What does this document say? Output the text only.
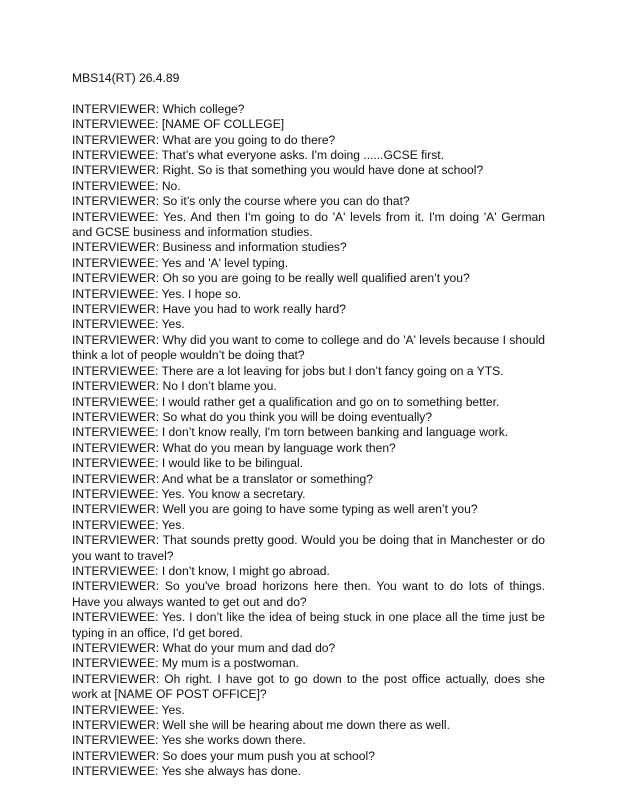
MBS14(RT) 26.4.89

INTERVIEWER: Which college?

INTERVIEWEE: [NAME OF COLLEGE]

INTERVIEWER: What are you going to do there?

INTERVIEWEE: That’s what everyone asks. I'm doing ......GCSE first.

INTERVIEWER: Right. So is that something you would have done at school?

INTERVIEWEE: No.

INTERVIEWER: So it’s only the course where you can do that?

INTERVIEWEE: Yes. And then I'm going to do 'A' levels from it. I'm doing 'A' German and GCSE business and information studies.

INTERVIEWER: Business and information studies?

INTERVIEWEE: Yes and 'A' level typing.

INTERVIEWER: Oh so you are going to be really well qualified aren’t you?

INTERVIEWEE: Yes. I hope so.

INTERVIEWER: Have you had to work really hard?

INTERVIEWEE: Yes.

INTERVIEWER: Why did you want to come to college and do 'A' levels because I should think a lot of people wouldn’t be doing that?

INTERVIEWEE: There are a lot leaving for jobs but I don’t fancy going on a YTS.

INTERVIEWER: No I don’t blame you.

INTERVIEWEE: I would rather get a qualification and go on to something better.

INTERVIEWER: So what do you think you will be doing eventually?

INTERVIEWEE: I don’t know really, I'm torn between banking and language work.

INTERVIEWER: What do you mean by language work then?

INTERVIEWEE: I would like to be bilingual.

INTERVIEWER: And what be a translator or something?

INTERVIEWEE: Yes. You know a secretary.

INTERVIEWER: Well you are going to have some typing as well aren’t you?

INTERVIEWEE: Yes.

INTERVIEWER: That sounds pretty good. Would you be doing that in Manchester or do you want to travel?

INTERVIEWEE: I don’t know, I might go abroad.

INTERVIEWER: So you've broad horizons here then. You want to do lots of things. Have you always wanted to get out and do?

INTERVIEWEE: Yes. I don’t like the idea of being stuck in one place all the time just be typing in an office, I'd get bored.

INTERVIEWER: What do your mum and dad do?

INTERVIEWEE: My mum is a postwoman.

INTERVIEWER: Oh right. I have got to go down to the post office actually, does she work at [NAME OF POST OFFICE]?

INTERVIEWEE: Yes.

INTERVIEWER: Well she will be hearing about me down there as well.

INTERVIEWEE: Yes she works down there.

INTERVIEWER: So does your mum push you at school?

INTERVIEWEE: Yes she always has done.
